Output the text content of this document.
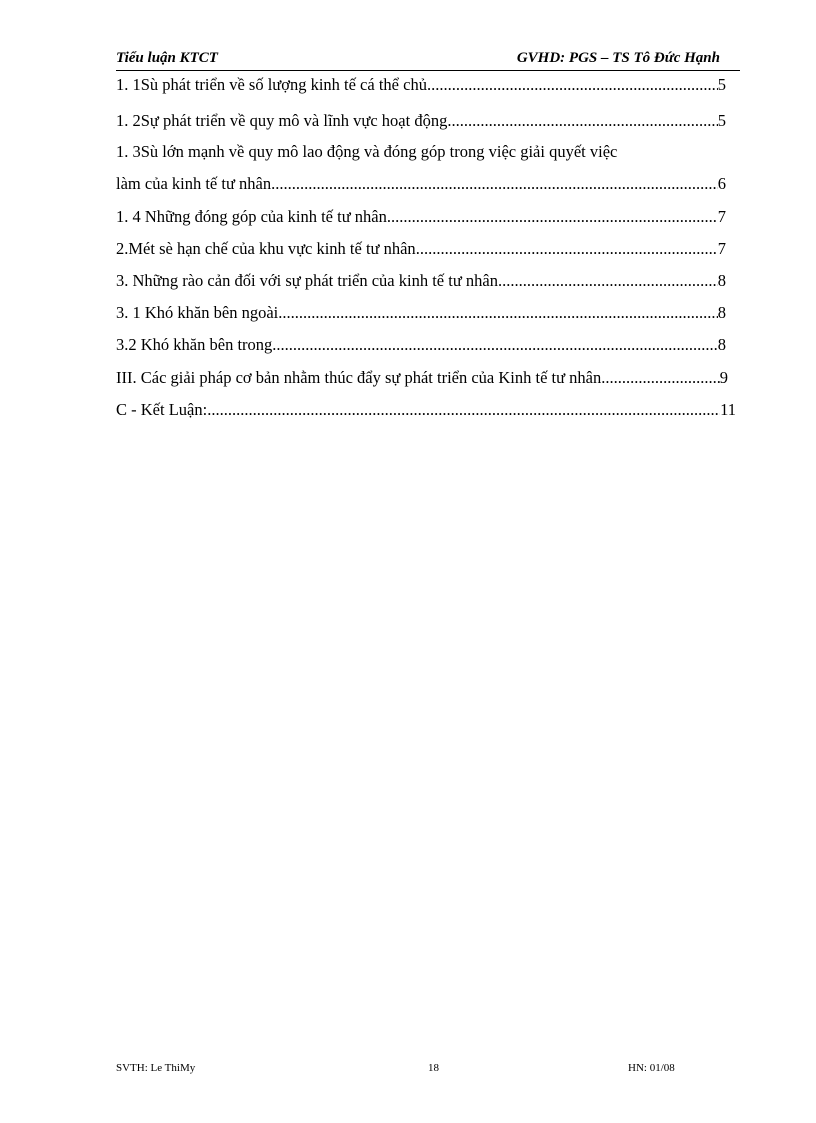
Tiểu luận KTCT	GVHD: PGS – TS Tô Đức Hạnh
1. 1Sù phát triển về số lượng kinh tế cá thể chủ .....	5
1. 2Sự phát triển về quy mô và lĩnh vực hoạt động .....	5
1. 3Sù lớn mạnh về quy mô lao động và đóng góp trong việc giải quyết việc
làm của kinh tế tư nhân .....	6
1. 4 Những đóng góp của kinh tế tư nhân .....	7
2.Mét sè hạn chế của khu vực kinh tế tư nhân .....	7
3. Những rào cản đối với sự phát triển của kinh tế tư nhân .....	8
3. 1 Khó khăn bên ngoài .....	8
3.2 Khó khăn bên trong .....	8
III. Các giải pháp cơ bản nhằm thúc đẩy sự phát triển của Kinh tế tư nhân .....	9
C - Kết Luận: .....	11
SVTH: Le ThiMy	18	HN: 01/08
